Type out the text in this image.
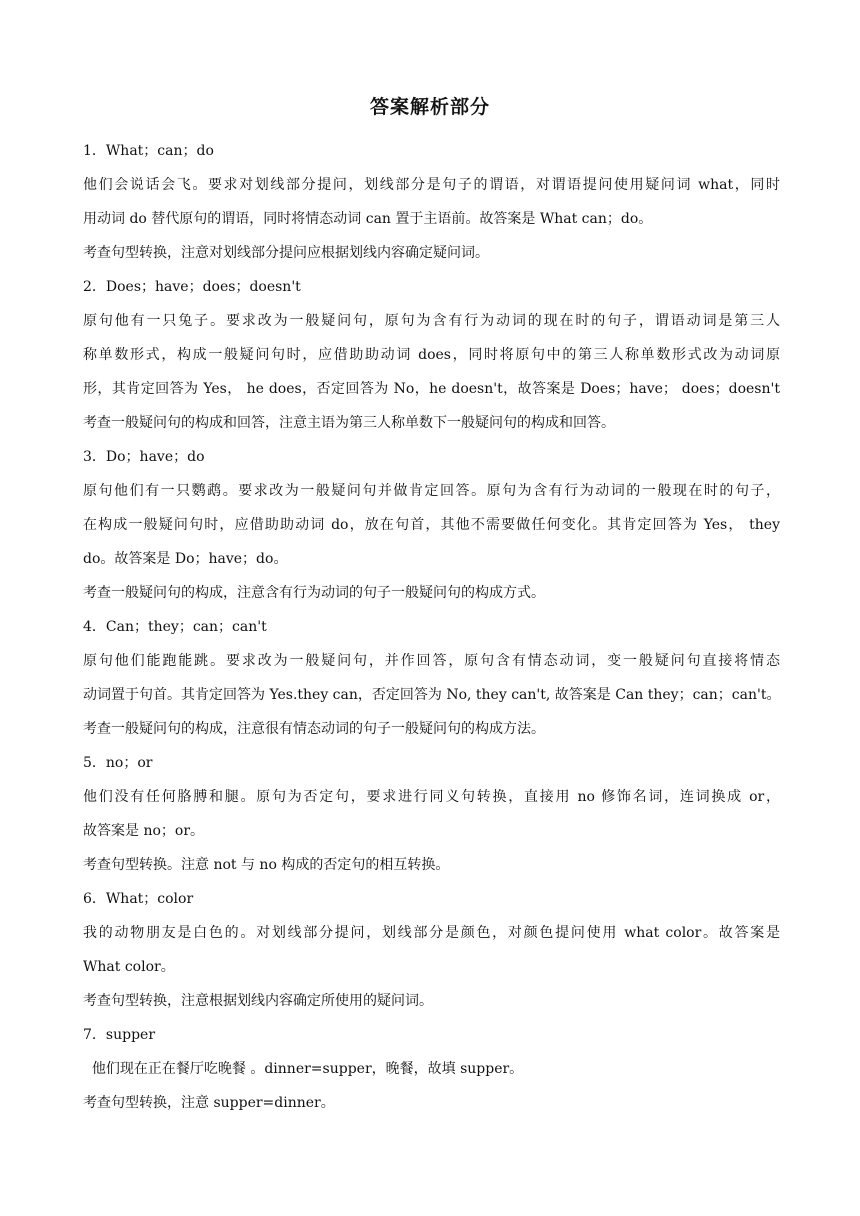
答案解析部分
1．What；can；do
他们会说话会飞。要求对划线部分提问，划线部分是句子的谓语，对谓语提问使用疑问词 what，同时
用动词 do 替代原句的谓语，同时将情态动词 can 置于主语前。故答案是 What can；do。
考查句型转换，注意对划线部分提问应根据划线内容确定疑问词。
2．Does；have；does；doesn't
原句他有一只兔子。要求改为一般疑问句，原句为含有行为动词的现在时的句子，谓语动词是第三人
称单数形式，构成一般疑问句时，应借助助动词 does，同时将原句中的第三人称单数形式改为动词原
形，其肯定回答为 Yes， he does，否定回答为 No，he doesn't，故答案是 Does；have； does；doesn't
考查一般疑问句的构成和回答，注意主语为第三人称单数下一般疑问句的构成和回答。
3．Do；have；do
原句他们有一只鹦鹉。要求改为一般疑问句并做肯定回答。原句为含有行为动词的一般现在时的句子，
在构成一般疑问句时，应借助助动词 do，放在句首，其他不需要做任何变化。其肯定回答为 Yes， they
do。故答案是 Do；have；do。
考查一般疑问句的构成，注意含有行为动词的句子一般疑问句的构成方式。
4．Can；they；can；can't
原句他们能跑能跳。要求改为一般疑问句，并作回答，原句含有情态动词，变一般疑问句直接将情态
动词置于句首。其肯定回答为 Yes.they can，否定回答为 No, they can't, 故答案是 Can they；can；can't。
考查一般疑问句的构成，注意很有情态动词的句子一般疑问句的构成方法。
5．no；or
他们没有任何胳膊和腿。原句为否定句，要求进行同义句转换，直接用 no 修饰名词，连词换成 or，
故答案是 no；or。
考查句型转换。注意 not 与 no 构成的否定句的相互转换。
6．What；color
我的动物朋友是白色的。对划线部分提问，划线部分是颜色，对颜色提问使用 what color。故答案是
What color。
考查句型转换，注意根据划线内容确定所使用的疑问词。
7．supper
他们现在正在餐厅吃晚餐 。dinner=supper，晚餐，故填 supper。
考查句型转换，注意 supper=dinner。
